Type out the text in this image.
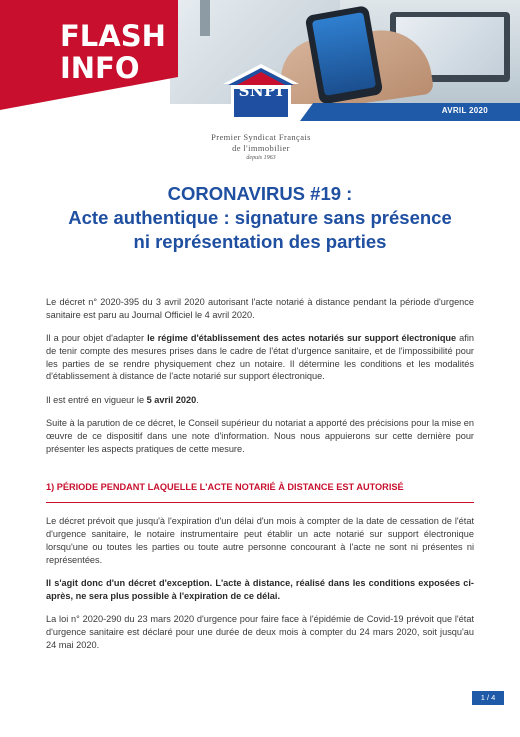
FLASH
INFO
AVRIL 2020
SNPI
Premier Syndicat Français
de l'immobilier
depuis 1963
CORONAVIRUS #19 :
Acte authentique : signature sans présence
ni représentation des parties

Le décret n° 2020-395 du 3 avril 2020 autorisant l'acte notarié à distance pendant la période d'urgence sanitaire est paru au Journal Officiel le 4 avril 2020.

Il a pour objet d'adapter le régime d'établissement des actes notariés sur support électronique afin de tenir compte des mesures prises dans le cadre de l'état d'urgence sanitaire, et de l'impossibilité pour les parties de se rendre physiquement chez un notaire. Il détermine les conditions et les modalités d'établissement à distance de l'acte notarié sur support électronique.

Il est entré en vigueur le 5 avril 2020.

Suite à la parution de ce décret, le Conseil supérieur du notariat a apporté des précisions pour la mise en œuvre de ce dispositif dans une note d'information. Nous nous appuierons sur cette dernière pour présenter les aspects pratiques de cette mesure.

1) PÉRIODE PENDANT LAQUELLE L'ACTE NOTARIÉ À DISTANCE EST AUTORISÉ

Le décret prévoit que jusqu'à l'expiration d'un délai d'un mois à compter de la date de cessation de l'état d'urgence sanitaire, le notaire instrumentaire peut établir un acte notarié sur support électronique lorsqu'une ou toutes les parties ou toute autre personne concourant à l'acte ne sont ni présentes ni représentées.

Il s'agit donc d'un décret d'exception. L'acte à distance, réalisé dans les conditions exposées ci-après, ne sera plus possible à l'expiration de ce délai.

La loi n° 2020-290 du 23 mars 2020 d'urgence pour faire face à l'épidémie de Covid-19 prévoit que l'état d'urgence sanitaire est déclaré pour une durée de deux mois à compter du 24 mars 2020, soit jusqu'au 24 mai 2020.

1 / 4
